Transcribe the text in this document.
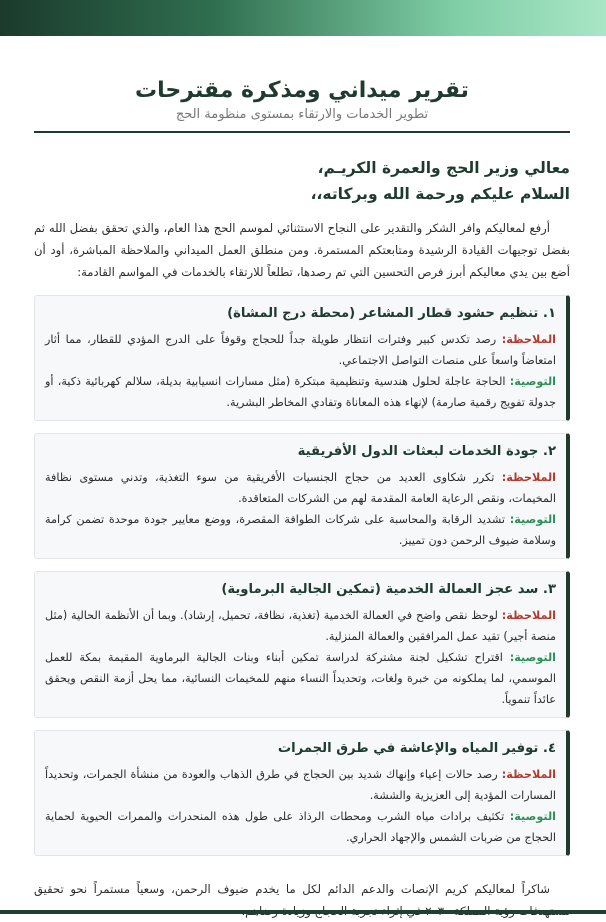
تقرير ميداني ومذكرة مقترحات
تطوير الخدمات والارتقاء بمستوى منظومة الحج
معالي وزير الحج والعمرة الكريـم،
السلام عليكم ورحمة الله وبركاته،،

أرفع لمعاليكم وافر الشكر والتقدير على النجاح الاستثنائي لموسم الحج هذا العام، والذي تحقق بفضل الله ثم بفضل توجيهات القيادة الرشيدة ومتابعتكم المستمرة. ومن منطلق العمل الميداني والملاحظة المباشرة، أود أن أضع بين يدي معاليكم أبرز فرص التحسين التي تم رصدها، تطلعاً للارتقاء بالخدمات في المواسم القادمة:

١. تنظيم حشود قطار المشاعر (محطة درج المشاة)

الملاحظة: رصد تكدس كبير وفترات انتظار طويلة جداً للحجاج وقوفاً على الدرج المؤدي للقطار، مما أثار امتعاضاً واسعاً على منصات التواصل الاجتماعي.

التوصية: الحاجة عاجلة لحلول هندسية وتنظيمية مبتكرة (مثل مسارات انسيابية بديلة، سلالم كهربائية ذكية، أو جدولة تفويج رقمية صارمة) لإنهاء هذه المعاناة وتفادي المخاطر البشرية.

٢. جودة الخدمات لبعثات الدول الأفريقية

الملاحظة: تكرر شكاوى العديد من حجاج الجنسيات الأفريقية من سوء التغذية، وتدني مستوى نظافة المخيمات، ونقص الرعاية العامة المقدمة لهم من الشركات المتعاقدة.

التوصية: تشديد الرقابة والمحاسبة على شركات الطوافة المقصرة، ووضع معايير جودة موحدة تضمن كرامة وسلامة ضيوف الرحمن دون تمييز.

٣. سد عجز العمالة الخدمية (تمكين الجالية البرماوية)

الملاحظة: لوحظ نقص واضح في العمالة الخدمية (تغذية، نظافة، تحميل، إرشاد). وبما أن الأنظمة الحالية (مثل منصة أجير) تقيد عمل المرافقين والعمالة المنزلية.

التوصية: اقتراح تشكيل لجنة مشتركة لدراسة تمكين أبناء وبنات الجالية البرماوية المقيمة بمكة للعمل الموسمي، لما يملكونه من خبرة ولغات، وتحديداً النساء منهم للمخيمات النسائية، مما يحل أزمة النقص ويحقق عائداً تنموياً.

٤. توفير المياه والإعاشة في طرق الجمرات

الملاحظة: رصد حالات إعياء وإنهاك شديد بين الحجاج في طرق الذهاب والعودة من منشأة الجمرات، وتحديداً المسارات المؤدية إلى العزيزية والششة.

التوصية: تكثيف برادات مياه الشرب ومحطات الرذاذ على طول هذه المنحدرات والممرات الحيوية لحماية الحجاج من ضربات الشمس والإجهاد الحراري.

شاكراً لمعاليكم كريم الإنصات والدعم الدائم لكل ما يخدم ضيوف الرحمن، وسعياً مستمراً نحو تحقيق
